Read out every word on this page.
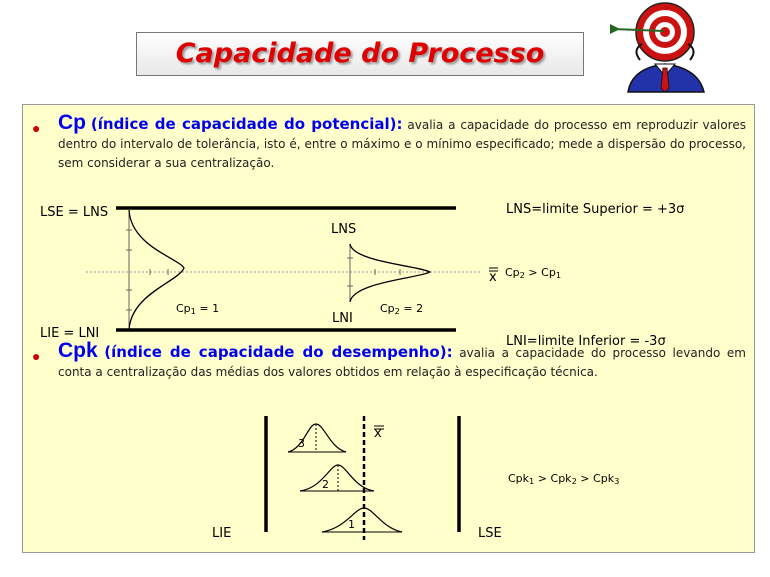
Capacidade do Processo
● Cp (índice de capacidade do potencial): avalia a capacidade do processo em reproduzir valores dentro do intervalo de tolerância, isto é, entre o máximo e o mínimo especificado; mede a dispersão do processo, sem considerar a sua centralização.
LSE = LNS
LIE = LNI
LNS
LNI
$Cp_1 = 1$	$Cp_2 = 2$
LNS=limite Superior = +3σ
x $Cp_2 > Cp_1$
LNI=limite Inferior = -3σ
● Cpk (índice de capacidade do desempenho): avalia a capacidade do processo levando em conta a centralização das médias dos valores obtidos em relação à especificação técnica.
LIE	LSE
x
3
2
1
Cpk$_1$ > Cpk$_2$ > Cpk$_3$
